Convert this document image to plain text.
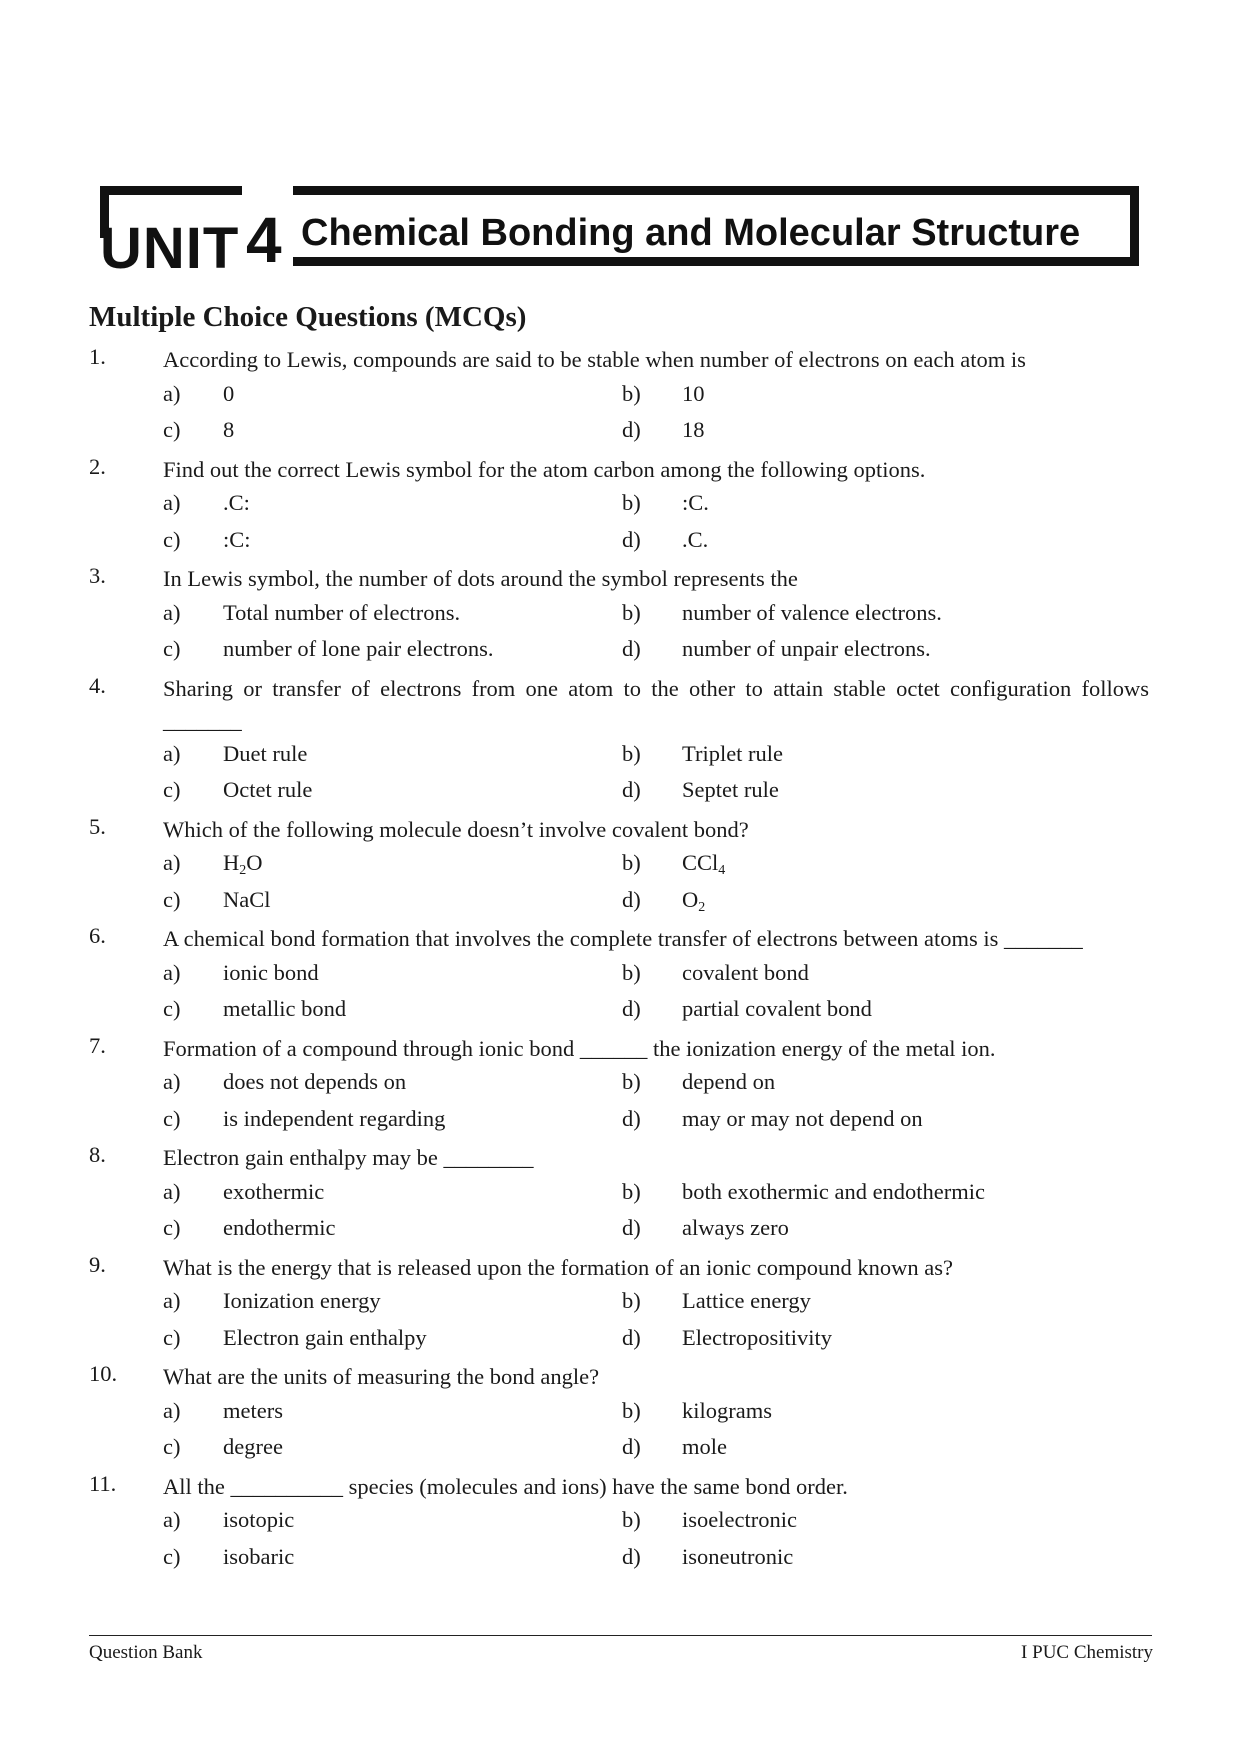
UNIT 4 Chemical Bonding and Molecular Structure
Multiple Choice Questions (MCQs)
1.	According to Lewis, compounds are said to be stable when number of electrons on each atom is
a) 0	b) 10
c) 8	d) 18
2.	Find out the correct Lewis symbol for the atom carbon among the following options.
a) .C:	b) :C.
c) :C:	d) .C.
3.	In Lewis symbol, the number of dots around the symbol represents the
a) Total number of electrons.	b) number of valence electrons.
c) number of lone pair electrons.	d) number of unpair electrons.
4.	Sharing or transfer of electrons from one atom to the other to attain stable octet configuration follows _______
a) Duet rule	b) Triplet rule
c) Octet rule	d) Septet rule
5.	Which of the following molecule doesn’t involve covalent bond?
a) $H_2O$	b) CCl$_4$
c) NaCl	d) $O_2$
6.	A chemical bond formation that involves the complete transfer of electrons between atoms is _______
a) ionic bond	b) covalent bond
c) metallic bond	d) partial covalent bond
7.	Formation of a compound through ionic bond ______ the ionization energy of the metal ion.
a) does not depends on	b) depend on
c) is independent regarding	d) may or may not depend on
8.	Electron gain enthalpy may be ________
a) exothermic	b) both exothermic and endothermic
c) endothermic	d) always zero
9.	What is the energy that is released upon the formation of an ionic compound known as?
a) Ionization energy	b) Lattice energy
c) Electron gain enthalpy	d) Electropositivity
10. What are the units of measuring the bond angle?
a) meters	b) kilograms
c) degree	d) mole
11. All the __________ species (molecules and ions) have the same bond order.
a) isotopic	b) isoelectronic
c) isobaric	d) isoneutronic
Question Bank	I PUC Chemistry
